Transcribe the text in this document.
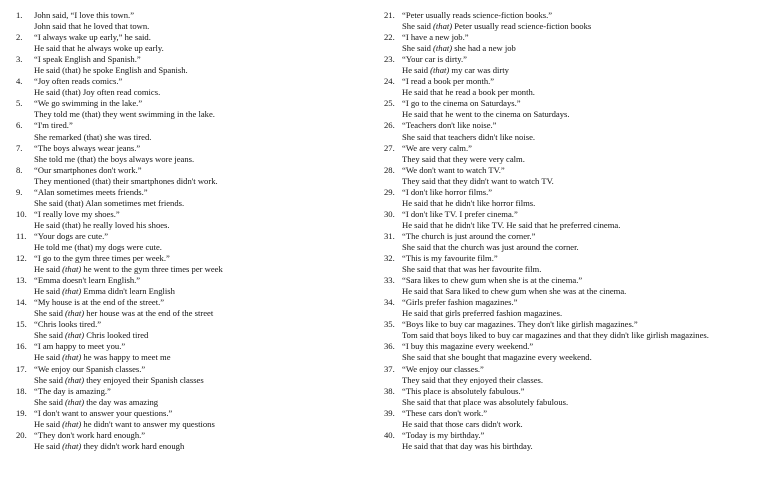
1.	John said, “I love this town.”
John said that he loved that town.
2.	“I always wake up early,” he said.
He said that he always woke up early.
3.	“I speak English and Spanish.”
He said (that) he spoke English and Spanish.
4.	“Joy often reads comics.”
He said (that) Joy often read comics.
5.	“We go swimming in the lake.”
They told me (that) they went swimming in the lake.
6.	“I'm tired.”
She remarked (that) she was tired.
7.	“The boys always wear jeans.”
She told me (that) the boys always wore jeans.
8.	“Our smartphones don't work.”
They mentioned (that) their smartphones didn't work.
9.	“Alan sometimes meets friends.”
She said (that) Alan sometimes met friends.
10. “I really love my shoes.”
He said (that) he really loved his shoes.
11. “Your dogs are cute.”
He told me (that) my dogs were cute.
12. “I go to the gym three times per week.”
He said (that) he went to the gym three times per week
13. “Emma doesn't learn English.”
He said (that) Emma didn't learn English
14. “My house is at the end of the street.”
She said (that) her house was at the end of the street
15. “Chris looks tired.”
She said (that) Chris looked tired
16. “I am happy to meet you.”
He said (that) he was happy to meet me
17. “We enjoy our Spanish classes.”
She said (that) they enjoyed their Spanish classes
18. “The day is amazing.”
She said (that) the day was amazing
19. “I don't want to answer your questions.”
He said (that) he didn't want to answer my questions
20. “They don't work hard enough.”
He said (that) they didn't work hard enough
21. “Peter usually reads science-fiction books.”
She said (that) Peter usually read science-fiction books
22. “I have a new job.”
She said (that) she had a new job
23. “Your car is dirty.”
He said (that) my car was dirty
24. “I read a book per month.”
He said that he read a book per month.
25. “I go to the cinema on Saturdays.”
He said that he went to the cinema on Saturdays.
26. “Teachers don't like noise.”
She said that teachers didn't like noise.
27. “We are very calm.”
They said that they were very calm.
28. “We don't want to watch TV.”
They said that they didn't want to watch TV.
29. “I don't like horror films.”
He said that he didn't like horror films.
30. “I don't like TV. I prefer cinema.”
He said that he didn't like TV. He said that he preferred cinema.
31. “The church is just around the corner.”
She said that the church was just around the corner.
32. “This is my favourite film.”
She said that that was her favourite film.
33. “Sara likes to chew gum when she is at the cinema.”
He said that Sara liked to chew gum when she was at the cinema.
34. “Girls prefer fashion magazines.”
He said that girls preferred fashion magazines.
35. “Boys like to buy car magazines. They don't like girlish magazines.”
Tom said that boys liked to buy car magazines and that they didn't like girlish magazines.
36. “I buy this magazine every weekend.”
She said that she bought that magazine every weekend.
37. “We enjoy our classes.”
They said that they enjoyed their classes.
38. “This place is absolutely fabulous.”
She said that that place was absolutely fabulous.
39. “These cars don't work.”
He said that those cars didn't work.
40. “Today is my birthday.”
He said that that day was his birthday.
